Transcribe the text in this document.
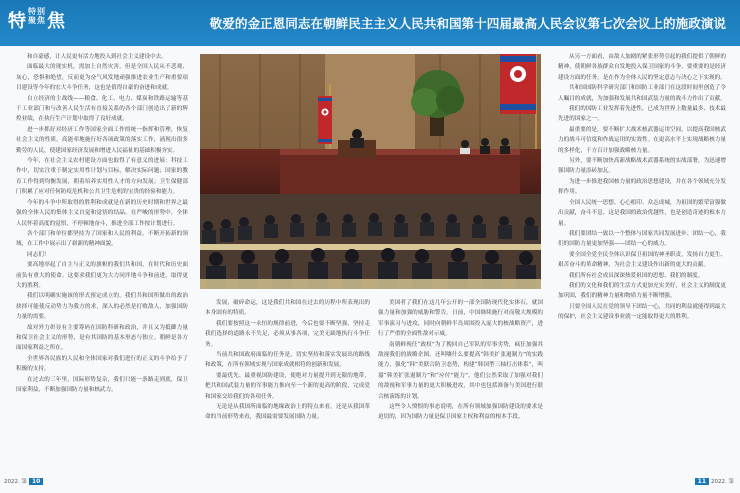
特特别
聚焦焦	敬爱的金正恩同志在朝鲜民主主义人民共和国第十四届最高人民会议第七次会议上的施政演说

和自豪感，让人民更有活力地投入到社会主义建设中去。

面临最大的现实机，需加上自然灾害，但是全国人民从不悲观、灰心，恐惧和绝望，反而更为奋气风发地顽强推进农业生产和重要项目建设等今年的宏大斗争任务，这也是值得自豪的奋进和成就。

自立经济的主战线——粮食、化工、电力、煤炭和铁路运输等基干工业部门和与改善人民生活有直接关系的各个部门创造出了新的辉煌业绩，在执行生产计划中取得了良好成就。

进一步抓好对经济工作等国家全面工作的统一指挥和管理，恢复社会主义的性质，高能率地施行好各项政策的落实工作，涌现出很多勤劳的人民，使建国家经济发展和增进人民福祉的基础积极夯实。

今年，在社会主义农村建设方面也取得了有意义的进展：科技工作中，切实注重于制定实用性计划与目标，解决实际问题；国家的教育工作得到均衡发展，朝着培养实用性人才的方向发展；卫生保健部门积累了应对任何防疫危机和公共卫生危机的宝贵的经验和能力。

今年的斗争中所取得的胜利和成就是在新的历史时期和世界之最强的全体人民的集体主义自觉和觉悟的结晶。在严峻的形势中，全体人民怀着高度的觉悟，不停顿地奋斗，推进全部工作按计划进行。

各个部门和单位都坚持为了国家和人民的利益，不断开拓新的领域，在工作中展示出了崭新的精神面貌。

同志们！

要高地举起了自主与正义的旗帜的我们共和国，在时代和历史面前负有重大的使命。这要求我们更为大力同泮地斗争和前进，取得更大的胜利。

我们以明确实施该的形式预定成立的，我们共和国所做出的政治抉择可能使反动势力为我方的求，深入的必然是打败敌人、加强国防力量的需要。

故对外力彰显有主要筹码在国防科研和政治，并且又为抵御力量和保卫社会主义的形势，是有其国防的基本形态与独立。朝鲜是各方面国家利益之所在。

全世界各民族的人民和全体国家对我们进行的正义的斗争给予了积极的支持。

在过去的三年里，国际形势复杂，我们只能一条路走到底，保卫国家利益，不断加强国防力量和核武力。

发展，破碎命运，这是我们共和国在过去的历程中所表现出的本身固有的特质。

我们要按照这一永恒的规律前进，今后也要不断坚强，坚持走我们选择的道路永不失足，必须从事各项，完美无缺地执行斗争任务。

当前共和国政府面临的任务是，切实坚持和落实发展出的路线和政策，在所有领域实现与国家成就相符的创新和发展。

要最优先、最重视国防建设，使绝对力量提升到无限的地带，把共和国武装力量的军事能力推向至一个新的更高的阶段，完成党和国家交给我们的各项任务。

无论是从我国所面临的地缘政治上的特点来看，还是从我国革命的当前形势来看，我国最需要发展国防力量。

美国者了我们在这几年公开的一部全国防现代化实体石，就国强力量和加强的威胁和警告。日前，中国继续施行对而敬大规模的军事演习与进攻，同时向朝鲜半岛周围投入庞大的核战略资产，进行了严重的全面性敌对示威。

南朝鲜现任“政权”为了挽回自己军队的军事劣势，疯狂加强其敌视我们的战略企图，还叫嚷什么要提高“韩美扩张遏制力”的实践能力，强化“韩”美联合防卫态势，构建“韩国型三轴打击体系”，叫嚣“韩美扩张遏制力”和“应付”能力”，他们公然采取了加强对我们的敌视和军事力量的更大积极进攻，其中也包括准备与美国进行联合核演练的计划。

这些令人愤恨的事态说明，在所有领域加强国防建设的要求是迫切的，因为国防力量是保卫国家主权和利益的根本手段。

从另一方面看，由敌人加剧的紧张形势引起的我们提供了朝鲜的精神，使朝鲜各族群众自发地投入保卫国家的斗争。要重要的是经济建设方面的任务，是在作为全体人民的坚定意志与决心之下实现的。

共和国国防科学研究部门和国防工业部门在这段时间里创造了令人瞩目的成就，为加强和发展共和国武装力量的战斗力作出了贡献。

我们的国防工业发挥着先进性，已成为世界上数量最多、技术最先进的国家之一。

最重要的是，要不断扩大战术核武器运用空间，以提高我国核武力的战斗可信度和作战运用的实效性。在更高水平上实现战略核力量的多样化，千方百计加强战略核力量。

另外，要不断加快高新战略战术武器系统的实战部署，为迅速增强国防力量添砖加瓦。

为进一步推进我国核力量的政治思想建设，并在各个领域充分发挥作用。

全国人民统一思想、心心相印、众志成城，为祖国的繁荣富强做出贡献，奋斗不息。这是我国的政治优越性，也是创造奇迹的根本力量。

我们要团结一致以一个整体与国家共同发展进步、团结一心，我们的国防力量更加坚强——团结一心的威力。

要全国全党全民全体认识保卫祖国的神圣职责，发扬自力更生、艰苦奋斗的革命精神，为社会主义建设作出新的更大的贡献。

我们所有社会成员深深热爱祖国的思想、我们的制度。

我们的文化和我们的生活方式更加充实美好，社会主义的制度更加巩固，我们的精神力量和物质力量不断增强。

只要全国人民在党的领导下团结一心，共同的利益就能得到最大的保护，社会主义建设事业就一定能取得更大的胜利。

2022. 第 10	11 2022. 第
